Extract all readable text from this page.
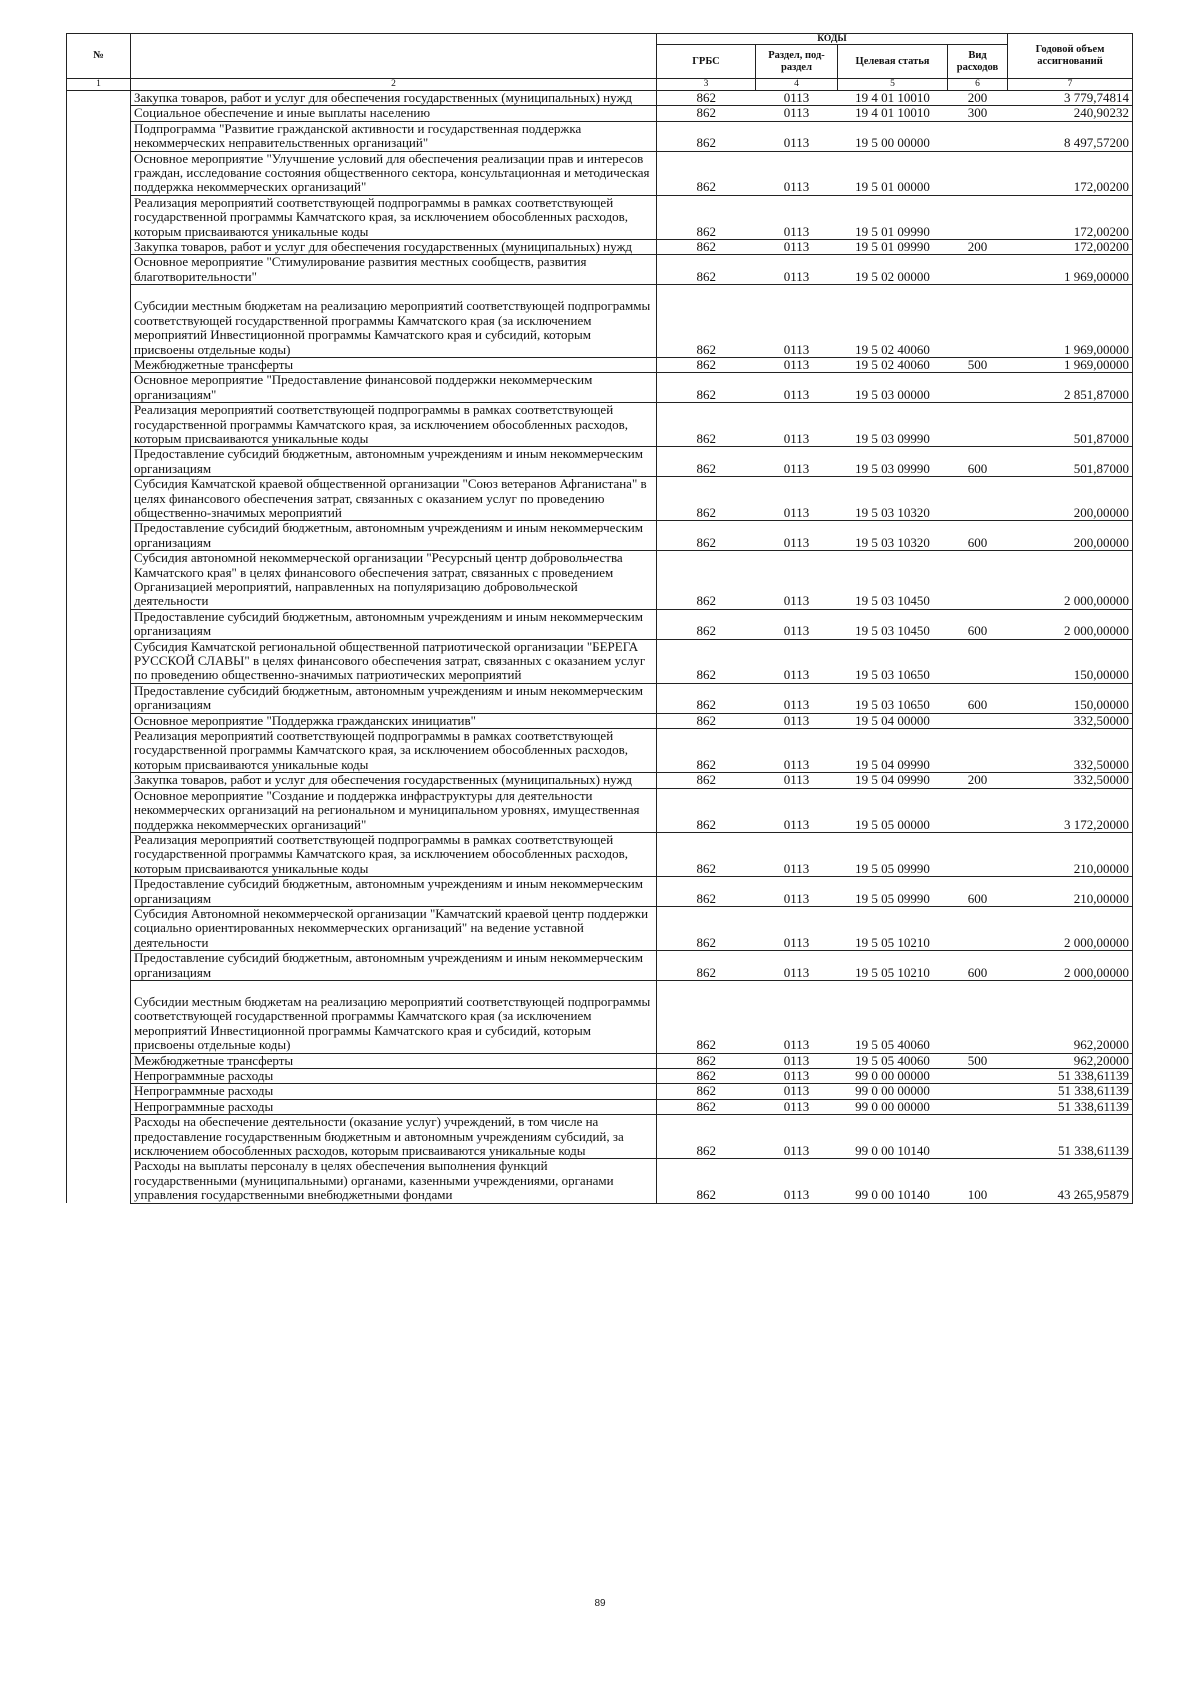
№		КОДЫ				Годовой объем ассигнований
		ГРБС	Раздел, под-раздел	Целевая статья	Вид расходов	
1	2	3	4	5	6	7
	Закупка товаров, работ и услуг для обеспечения государственных (муниципальных) нужд	862	0113	19 4 01 10010	200	3 779,74814
	Социальное обеспечение и иные выплаты населению	862	0113	19 4 01 10010	300	240,90232
	Подпрограмма "Развитие гражданской активности и государственная поддержка некоммерческих неправительственных организаций"	862	0113	19 5 00 00000		8 497,57200
	Основное мероприятие "Улучшение условий для обеспечения реализации прав и интересов граждан, исследование состояния общественного сектора, консультационная и методическая поддержка некоммерческих организаций"	862	0113	19 5 01 00000		172,00200
	Реализация мероприятий соответствующей подпрограммы в рамках соответствующей государственной программы Камчатского края, за исключением обособленных расходов, которым присваиваются уникальные коды	862	0113	19 5 01 09990		172,00200
	Закупка товаров, работ и услуг для обеспечения государственных (муниципальных) нужд	862	0113	19 5 01 09990	200	172,00200
	Основное мероприятие "Стимулирование развития местных сообществ, развития благотворительности"	862	0113	19 5 02 00000		1 969,00000
	Субсидии местным бюджетам на реализацию мероприятий соответствующей подпрограммы соответствующей государственной программы Камчатского края (за исключением мероприятий Инвестиционной программы Камчатского края и субсидий, которым присвоены отдельные коды)	862	0113	19 5 02 40060		1 969,00000
	Межбюджетные трансферты	862	0113	19 5 02 40060	500	1 969,00000
	Основное мероприятие "Предоставление финансовой поддержки некоммерческим организациям"	862	0113	19 5 03 00000		2 851,87000
	Реализация мероприятий соответствующей подпрограммы в рамках соответствующей государственной программы Камчатского края, за исключением обособленных расходов, которым присваиваются уникальные коды	862	0113	19 5 03 09990		501,87000
	Предоставление субсидий бюджетным, автономным учреждениям и иным некоммерческим организациям	862	0113	19 5 03 09990	600	501,87000
	Субсидия Камчатской краевой общественной организации "Союз ветеранов Афганистана" в целях финансового обеспечения затрат, связанных с оказанием услуг по проведению общественно-значимых мероприятий	862	0113	19 5 03 10320		200,00000
	Предоставление субсидий бюджетным, автономным учреждениям и иным некоммерческим организациям	862	0113	19 5 03 10320	600	200,00000
	Субсидия автономной некоммерческой организации "Ресурсный центр добровольчества Камчатского края" в целях финансового обеспечения затрат, связанных с проведением Организацией мероприятий, направленных на популяризацию добровольческой деятельности	862	0113	19 5 03 10450		2 000,00000
	Предоставление субсидий бюджетным, автономным учреждениям и иным некоммерческим организациям	862	0113	19 5 03 10450	600	2 000,00000
	Субсидия Камчатской региональной общественной патриотической организации "БЕРЕГА РУССКОЙ СЛАВЫ" в целях финансового обеспечения затрат, связанных с оказанием услуг по проведению общественно-значимых патриотических мероприятий	862	0113	19 5 03 10650		150,00000
	Предоставление субсидий бюджетным, автономным учреждениям и иным некоммерческим организациям	862	0113	19 5 03 10650	600	150,00000
	Основное мероприятие "Поддержка гражданских инициатив"	862	0113	19 5 04 00000		332,50000
	Реализация мероприятий соответствующей подпрограммы в рамках соответствующей государственной программы Камчатского края, за исключением обособленных расходов, которым присваиваются уникальные коды	862	0113	19 5 04 09990		332,50000
	Закупка товаров, работ и услуг для обеспечения государственных (муниципальных) нужд	862	0113	19 5 04 09990	200	332,50000
	Основное мероприятие "Создание и поддержка инфраструктуры для деятельности некоммерческих организаций на региональном и муниципальном уровнях, имущественная поддержка некоммерческих организаций"	862	0113	19 5 05 00000		3 172,20000
	Реализация мероприятий соответствующей подпрограммы в рамках соответствующей государственной программы Камчатского края, за исключением обособленных расходов, которым присваиваются уникальные коды	862	0113	19 5 05 09990		210,00000
	Предоставление субсидий бюджетным, автономным учреждениям и иным некоммерческим организациям	862	0113	19 5 05 09990	600	210,00000
	Субсидия Автономной некоммерческой организации "Камчатский краевой центр поддержки социально ориентированных некоммерческих организаций" на ведение уставной деятельности	862	0113	19 5 05 10210		2 000,00000
	Предоставление субсидий бюджетным, автономным учреждениям и иным некоммерческим организациям	862	0113	19 5 05 10210	600	2 000,00000
	Субсидии местным бюджетам на реализацию мероприятий соответствующей подпрограммы соответствующей государственной программы Камчатского края (за исключением мероприятий Инвестиционной программы Камчатского края и субсидий, которым присвоены отдельные коды)	862	0113	19 5 05 40060		962,20000
	Межбюджетные трансферты	862	0113	19 5 05 40060	500	962,20000
	Непрограммные расходы	862	0113	99 0 00 00000		51 338,61139
	Непрограммные расходы	862	0113	99 0 00 00000		51 338,61139
	Непрограммные расходы	862	0113	99 0 00 00000		51 338,61139
	Расходы на обеспечение деятельности (оказание услуг) учреждений, в том числе на предоставление государственным бюджетным и автономным учреждениям субсидий, за исключением обособленных расходов, которым присваиваются уникальные коды	862	0113	99 0 00 10140		51 338,61139
	Расходы на выплаты персоналу в целях обеспечения выполнения функций государственными (муниципальными) органами, казенными учреждениями, органами управления государственными внебюджетными фондами	862	0113	99 0 00 10140	100	43 265,95879
89
